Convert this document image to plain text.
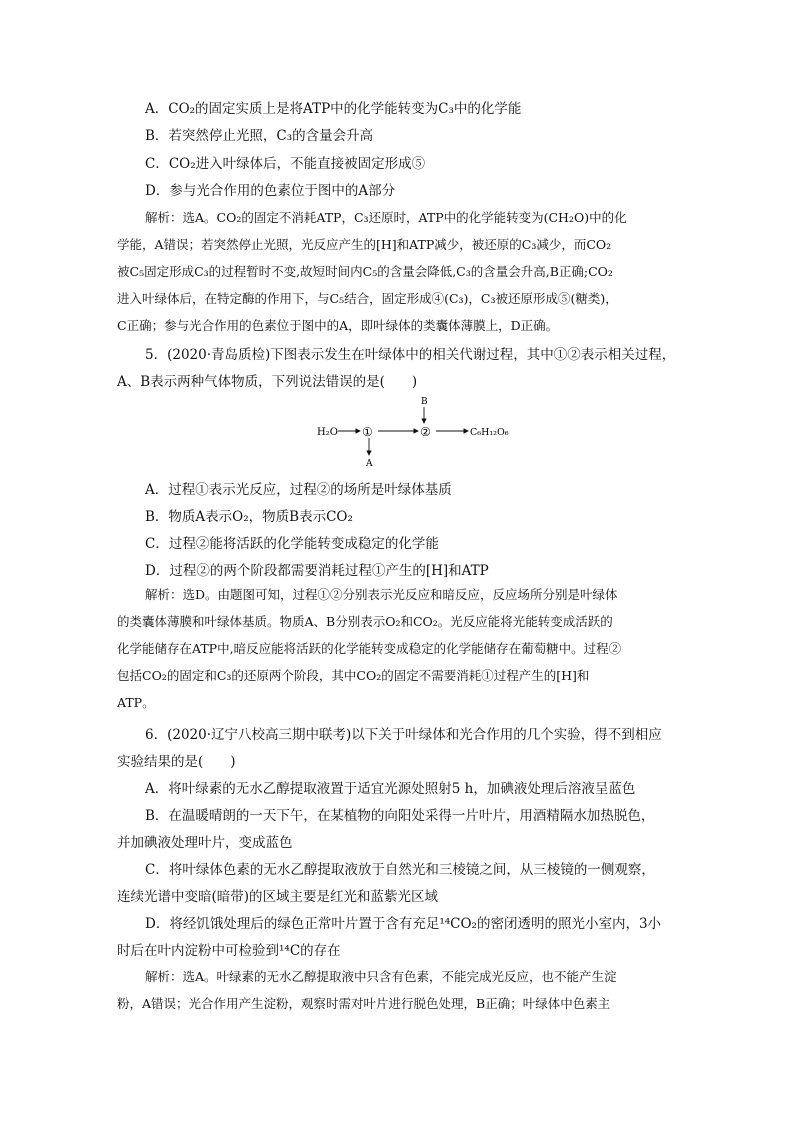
A．CO₂的固定实质上是将ATP中的化学能转变为C₃中的化学能
B．若突然停止光照，C₃的含量会升高
C．CO₂进入叶绿体后，不能直接被固定形成⑤
D．参与光合作用的色素位于图中的A部分
解析：选A。CO₂的固定不消耗ATP，C₃还原时，ATP中的化学能转变为(CH₂O)中的化
学能，A错误；若突然停止光照，光反应产生的[H]和ATP减少，被还原的C₃减少，而CO₂
被C₅固定形成C₃的过程暂时不变,故短时间内C₅的含量会降低,C₃的含量会升高,B正确;CO₂
进入叶绿体后，在特定酶的作用下，与C₅结合，固定形成④(C₃)，C₃被还原形成⑤(糖类)，
C正确；参与光合作用的色素位于图中的A，即叶绿体的类囊体薄膜上，D正确。
5．(2020·青岛质检)下图表示发生在叶绿体中的相关代谢过程，其中①②表示相关过程，
A、B表示两种气体物质，下列说法错误的是(　　)
H₂O ①	②	C₆H₁₂O₆
B
A
A．过程①表示光反应，过程②的场所是叶绿体基质
B．物质A表示O₂，物质B表示CO₂
C．过程②能将活跃的化学能转变成稳定的化学能
D．过程②的两个阶段都需要消耗过程①产生的[H]和ATP
解析：选D。由题图可知，过程①②分别表示光反应和暗反应，反应场所分别是叶绿体
的类囊体薄膜和叶绿体基质。物质A、B分别表示O₂和CO₂。光反应能将光能转变成活跃的
化学能储存在ATP中,暗反应能将活跃的化学能转变成稳定的化学能储存在葡萄糖中。过程②
包括CO₂的固定和C₃的还原两个阶段，其中CO₂的固定不需要消耗①过程产生的[H]和
ATP。
6．(2020·辽宁八校高三期中联考)以下关于叶绿体和光合作用的几个实验，得不到相应
实验结果的是(　　)
A．将叶绿素的无水乙醇提取液置于适宜光源处照射5 h，加碘液处理后溶液呈蓝色
B．在温暖晴朗的一天下午，在某植物的向阳处采得一片叶片，用酒精隔水加热脱色，
并加碘液处理叶片，变成蓝色
C．将叶绿体色素的无水乙醇提取液放于自然光和三棱镜之间，从三棱镜的一侧观察，
连续光谱中变暗(暗带)的区域主要是红光和蓝紫光区域
D．将经饥饿处理后的绿色正常叶片置于含有充足¹⁴CO₂的密闭透明的照光小室内，3小
时后在叶内淀粉中可检验到¹⁴C的存在
解析：选A。叶绿素的无水乙醇提取液中只含有色素，不能完成光反应，也不能产生淀
粉，A错误；光合作用产生淀粉，观察时需对叶片进行脱色处理，B正确；叶绿体中色素主
